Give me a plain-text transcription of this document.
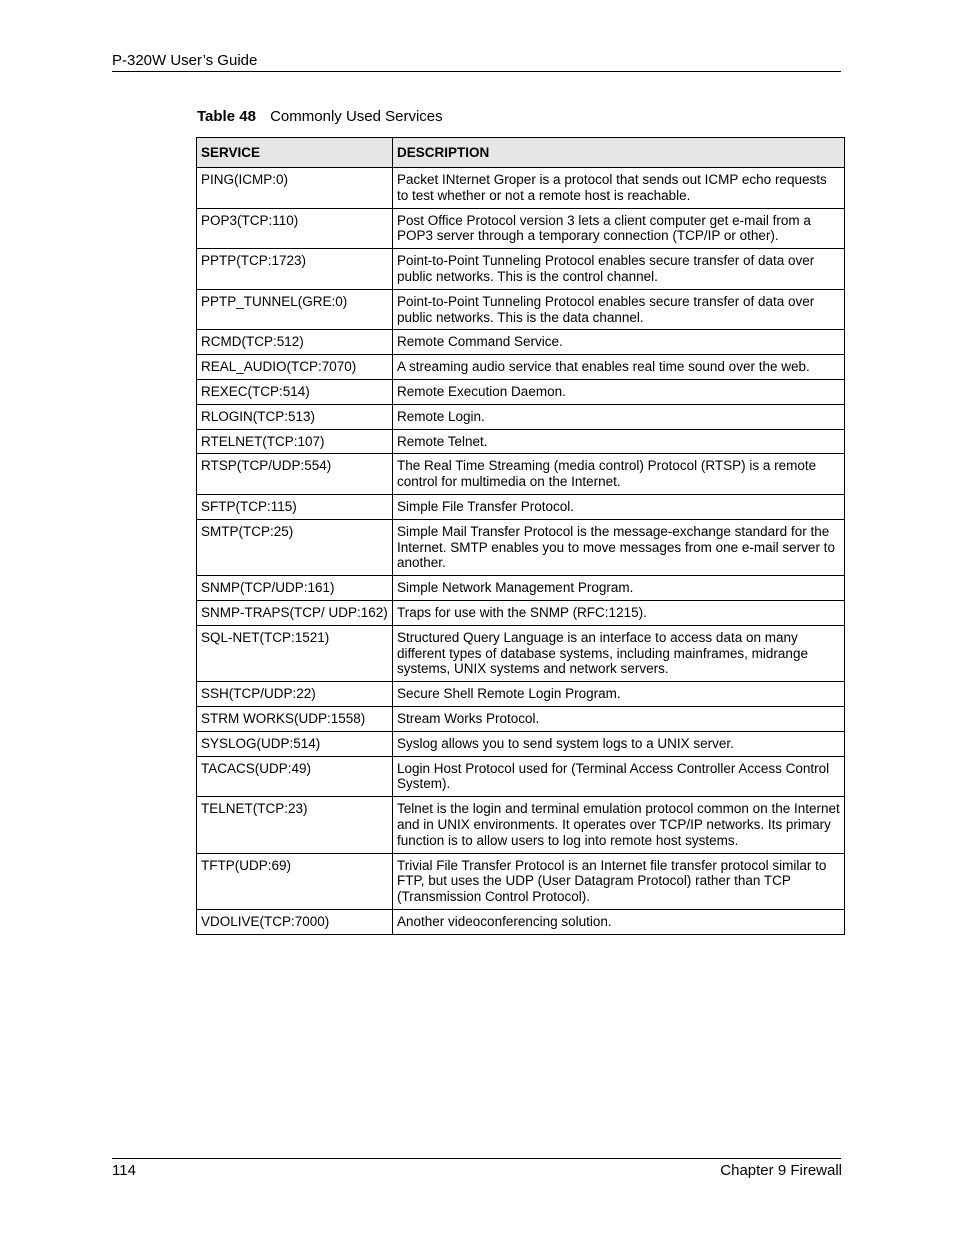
P-320W User’s Guide
Table 48 Commonly Used Services
SERVICE	DESCRIPTION
PING(ICMP:0)	Packet INternet Groper is a protocol that sends out ICMP echo requests to test whether or not a remote host is reachable.
POP3(TCP:110)	Post Office Protocol version 3 lets a client computer get e-mail from a POP3 server through a temporary connection (TCP/IP or other).
PPTP(TCP:1723)	Point-to-Point Tunneling Protocol enables secure transfer of data over public networks. This is the control channel.
PPTP_TUNNEL(GRE:0)	Point-to-Point Tunneling Protocol enables secure transfer of data over public networks. This is the data channel.
RCMD(TCP:512)	Remote Command Service.
REAL_AUDIO(TCP:7070)	A streaming audio service that enables real time sound over the web.
REXEC(TCP:514)	Remote Execution Daemon.
RLOGIN(TCP:513)	Remote Login.
RTELNET(TCP:107)	Remote Telnet.
RTSP(TCP/UDP:554)	The Real Time Streaming (media control) Protocol (RTSP) is a remote control for multimedia on the Internet.
SFTP(TCP:115)	Simple File Transfer Protocol.
SMTP(TCP:25)	Simple Mail Transfer Protocol is the message-exchange standard for the Internet. SMTP enables you to move messages from one e-mail server to another.
SNMP(TCP/UDP:161)	Simple Network Management Program.
SNMP-TRAPS(TCP/ UDP:162)	Traps for use with the SNMP (RFC:1215).
SQL-NET(TCP:1521)	Structured Query Language is an interface to access data on many different types of database systems, including mainframes, midrange systems, UNIX systems and network servers.
SSH(TCP/UDP:22)	Secure Shell Remote Login Program.
STRM WORKS(UDP:1558)	Stream Works Protocol.
SYSLOG(UDP:514)	Syslog allows you to send system logs to a UNIX server.
TACACS(UDP:49)	Login Host Protocol used for (Terminal Access Controller Access Control System).
TELNET(TCP:23)	Telnet is the login and terminal emulation protocol common on the Internet and in UNIX environments. It operates over TCP/IP networks. Its primary function is to allow users to log into remote host systems.
TFTP(UDP:69)	Trivial File Transfer Protocol is an Internet file transfer protocol similar to FTP, but uses the UDP (User Datagram Protocol) rather than TCP (Transmission Control Protocol).
VDOLIVE(TCP:7000)	Another videoconferencing solution.
114	Chapter 9 Firewall
